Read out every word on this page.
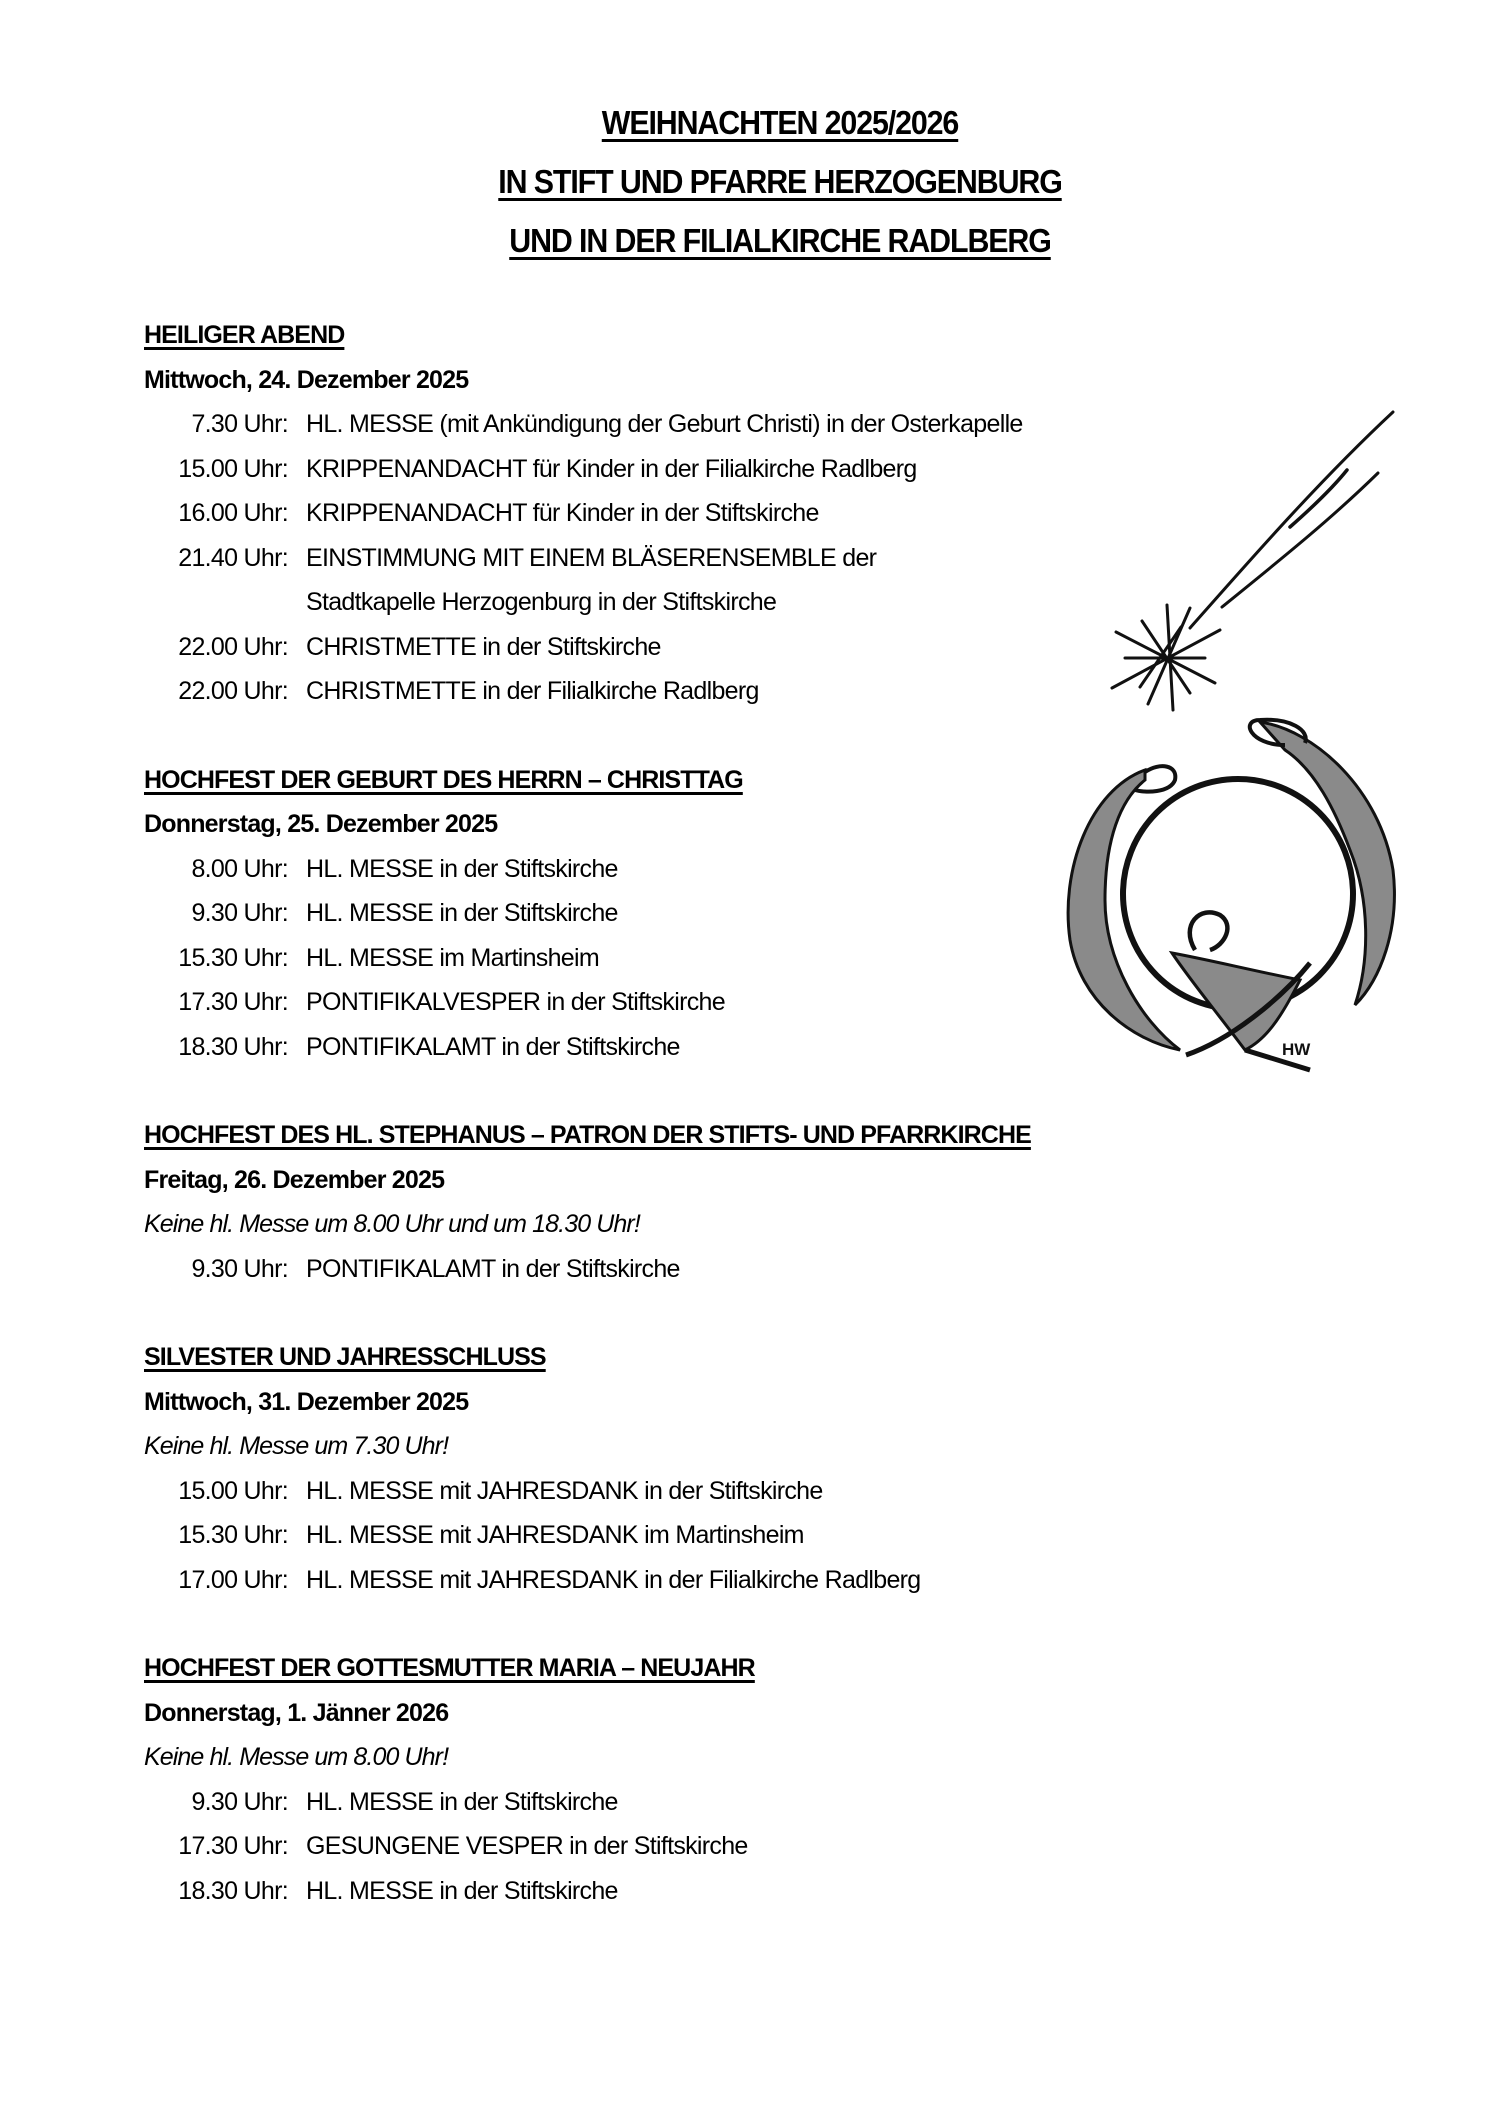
WEIHNACHTEN 2025/2026
IN STIFT UND PFARRE HERZOGENBURG
UND IN DER FILIALKIRCHE RADLBERG
HEILIGER ABEND
Mittwoch, 24. Dezember 2025
7.30 Uhr: HL. MESSE (mit Ankündigung der Geburt Christi) in der Osterkapelle
15.00 Uhr: KRIPPENANDACHT für Kinder in der Filialkirche Radlberg
16.00 Uhr: KRIPPENANDACHT für Kinder in der Stiftskirche
21.40 Uhr: EINSTIMMUNG MIT EINEM BLÄSERENSEMBLE der
Stadtkapelle Herzogenburg in der Stiftskirche
22.00 Uhr: CHRISTMETTE in der Stiftskirche
22.00 Uhr: CHRISTMETTE in der Filialkirche Radlberg
HOCHFEST DER GEBURT DES HERRN – CHRISTTAG
Donnerstag, 25. Dezember 2025
8.00 Uhr: HL. MESSE in der Stiftskirche
9.30 Uhr: HL. MESSE in der Stiftskirche
15.30 Uhr: HL. MESSE im Martinsheim
17.30 Uhr: PONTIFIKALVESPER in der Stiftskirche
18.30 Uhr: PONTIFIKALAMT in der Stiftskirche
HOCHFEST DES HL. STEPHANUS – PATRON DER STIFTS- UND PFARRKIRCHE
Freitag, 26. Dezember 2025
Keine hl. Messe um 8.00 Uhr und um 18.30 Uhr!
9.30 Uhr: PONTIFIKALAMT in der Stiftskirche
SILVESTER UND JAHRESSCHLUSS
Mittwoch, 31. Dezember 2025
Keine hl. Messe um 7.30 Uhr!
15.00 Uhr: HL. MESSE mit JAHRESDANK in der Stiftskirche
15.30 Uhr: HL. MESSE mit JAHRESDANK im Martinsheim
17.00 Uhr: HL. MESSE mit JAHRESDANK in der Filialkirche Radlberg
HOCHFEST DER GOTTESMUTTER MARIA – NEUJAHR
Donnerstag, 1. Jänner 2026
Keine hl. Messe um 8.00 Uhr!
9.30 Uhr: HL. MESSE in der Stiftskirche
17.30 Uhr: GESUNGENE VESPER in der Stiftskirche
18.30 Uhr: HL. MESSE in der Stiftskirche
HW
